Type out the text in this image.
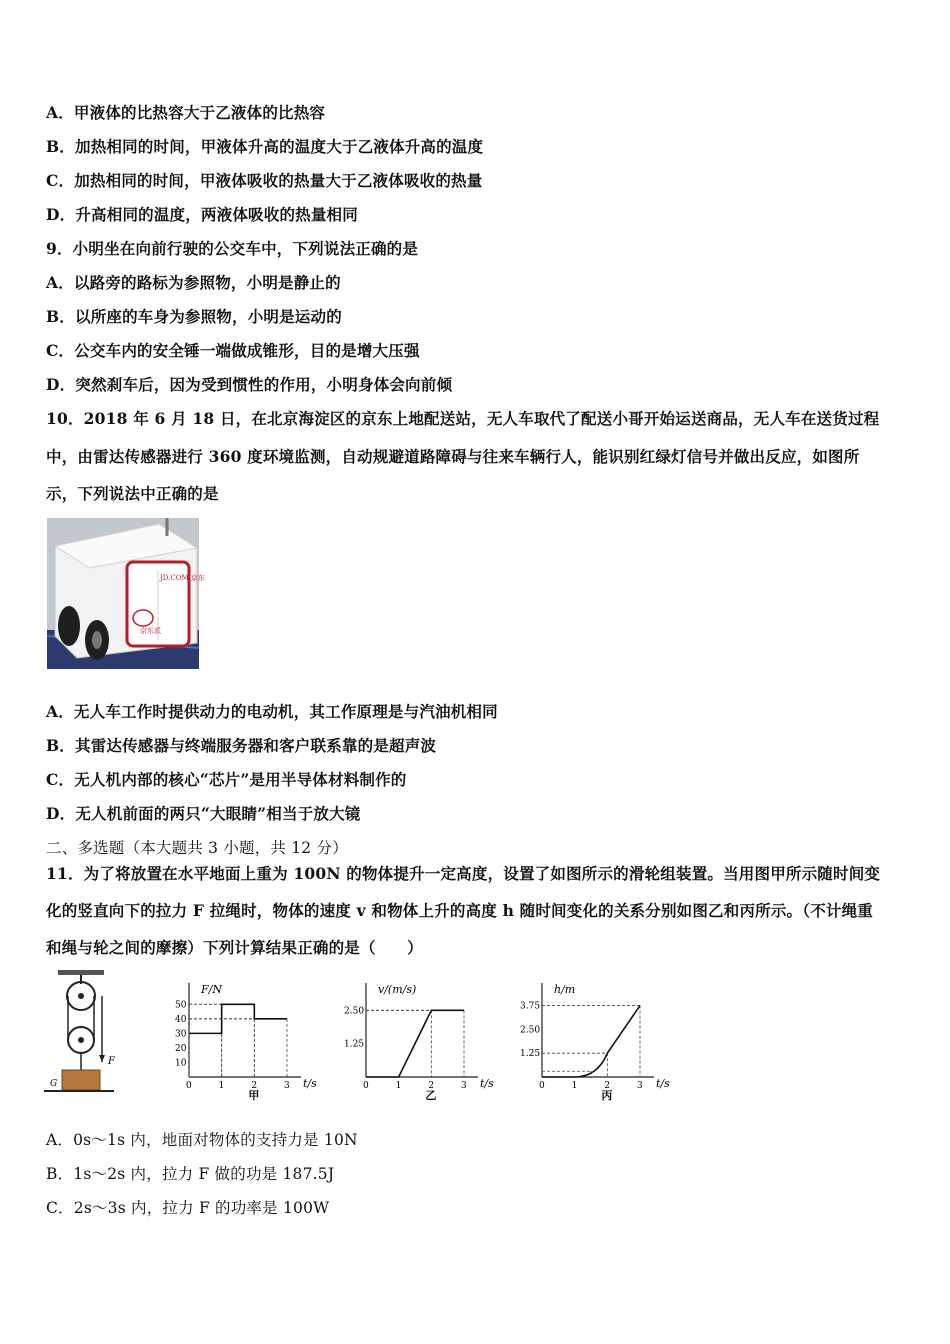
A．甲液体的比热容大于乙液体的比热容
B．加热相同的时间，甲液体升高的温度大于乙液体升高的温度
C．加热相同的时间，甲液体吸收的热量大于乙液体吸收的热量
D．升高相同的温度，两液体吸收的热量相同
9．小明坐在向前行驶的公交车中，下列说法正确的是
A．以路旁的路标为参照物，小明是静止的
B．以所座的车身为参照物，小明是运动的
C．公交车内的安全锤一端做成锥形，目的是增大压强
D．突然刹车后，因为受到惯性的作用，小明身体会向前倾
10．2018 年 6 月 18 日，在北京海淀区的京东上地配送站，无人车取代了配送小哥开始运送商品，无人车在送货过程
中，由雷达传感器进行 360 度环境监测，自动规避道路障碍与往来车辆行人，能识别红绿灯信号并做出反应，如图所
示，下列说法中正确的是
JD.COM 京东
京东派
A．无人车工作时提供动力的电动机，其工作原理是与汽油机相同
B．其雷达传感器与终端服务器和客户联系靠的是超声波
C．无人机内部的核心“芯片”是用半导体材料制作的
D．无人机前面的两只“大眼睛”相当于放大镜
二、多选题（本大题共 3 小题，共 12 分）
11．为了将放置在水平地面上重为 100N 的物体提升一定高度，设置了如图所示的滑轮组装置。当用图甲所示随时间变
化的竖直向下的拉力 F 拉绳时，物体的速度 v 和物体上升的高度 h 随时间变化的关系分别如图乙和丙所示。（不计绳重
和绳与轮之间的摩擦）下列计算结果正确的是（　　）
F
G	0	1	2	3
10
20
30
40
50
F/N
t/s
甲
0	1	2	3
1.25
2.50
v/(m/s)
t/s
乙
0	1	2	3
1.25
2.50
3.75
h/m
t/s
丙
A．0s～1s 内，地面对物体的支持力是 10N
B．1s～2s 内，拉力 F 做的功是 187.5J
C．2s～3s 内，拉力 F 的功率是 100W
